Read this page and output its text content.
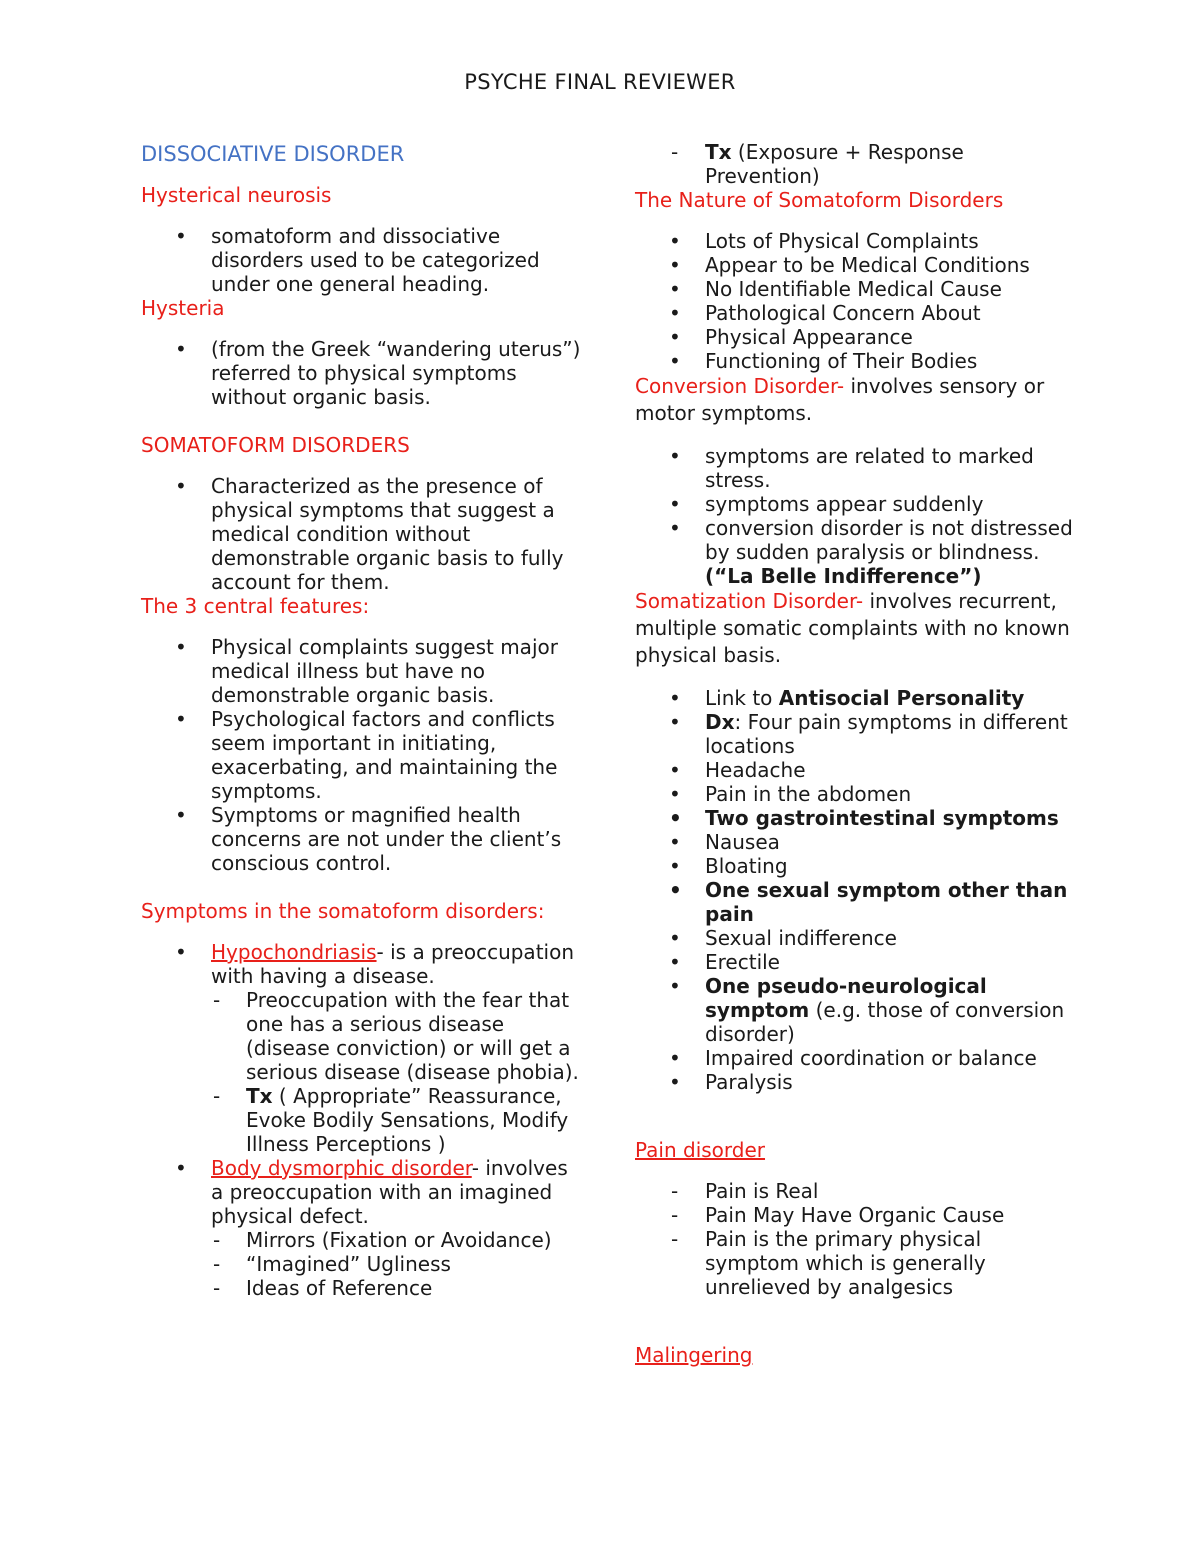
PSYCHE FINAL REVIEWER
DISSOCIATIVE DISORDER
Hysterical neurosis
• somatoform and dissociative disorders used to be categorized under one general heading.
Hysteria
• (from the Greek “wandering uterus”) referred to physical symptoms without organic basis.
SOMATOFORM DISORDERS
• Characterized as the presence of physical symptoms that suggest a medical condition without demonstrable organic basis to fully account for them.
The 3 central features:
• Physical complaints suggest major medical illness but have no demonstrable organic basis.
• Psychological factors and conflicts seem important in initiating, exacerbating, and maintaining the symptoms.
• Symptoms or magnified health concerns are not under the client’s conscious control.
Symptoms in the somatoform disorders:
• Hypochondriasis- is a preoccupation with having a disease.
- Preoccupation with the fear that one has a serious disease (disease conviction) or will get a serious disease (disease phobia).
- Tx ( Appropriate” Reassurance, Evoke Bodily Sensations, Modify Illness Perceptions )
• Body dysmorphic disorder- involves a preoccupation with an imagined physical defect.
- Mirrors (Fixation or Avoidance)
- “Imagined” Ugliness
- Ideas of Reference
- Tx (Exposure + Response Prevention)
The Nature of Somatoform Disorders
• Lots of Physical Complaints
• Appear to be Medical Conditions
• No Identifiable Medical Cause
• Pathological Concern About
• Physical Appearance
• Functioning of Their Bodies

Conversion Disorder- involves sensory or motor symptoms.

• symptoms are related to marked stress.
• symptoms appear suddenly
• conversion disorder is not distressed by sudden paralysis or blindness. (“La Belle Indifference”)

Somatization Disorder- involves recurrent, multiple somatic complaints with no known physical basis.

• Link to Antisocial Personality
• Dx: Four pain symptoms in different locations
• Headache
• Pain in the abdomen
• Two gastrointestinal symptoms
• Nausea
• Bloating
• One sexual symptom other than pain
• Sexual indifference
• Erectile
• One pseudo-neurological symptom (e.g. those of conversion disorder)
• Impaired coordination or balance
• Paralysis
Pain disorder
- Pain is Real
- Pain May Have Organic Cause
- Pain is the primary physical symptom which is generally unrelieved by analgesics
Malingering
